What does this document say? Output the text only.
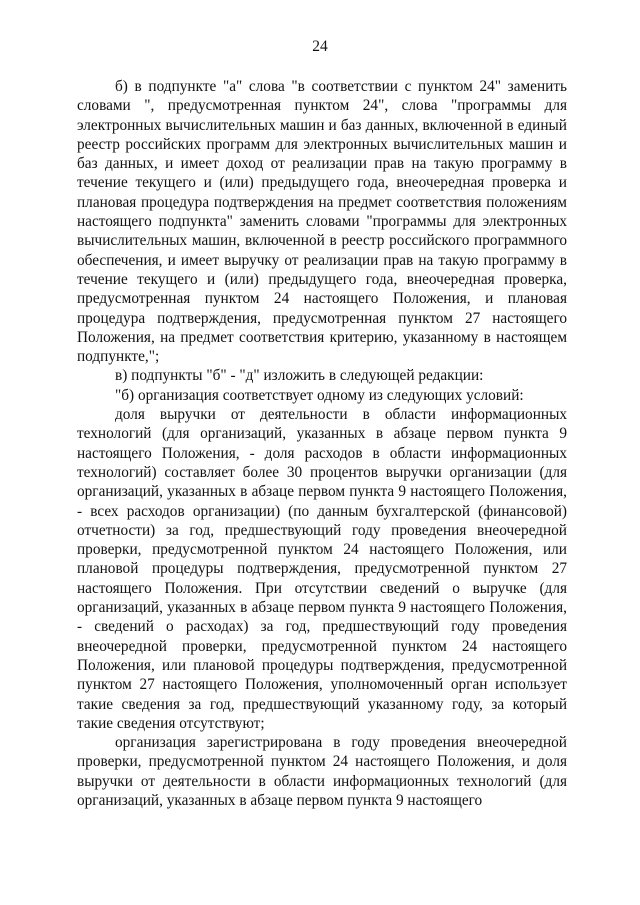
24

б) в подпункте "а" слова "в соответствии с пунктом 24" заменить словами ", предусмотренная пунктом 24", слова "программы для электронных вычислительных машин и баз данных, включенной в единый реестр российских программ для электронных вычислительных машин и баз данных, и имеет доход от реализации прав на такую программу в течение текущего и (или) предыдущего года, внеочередная проверка и плановая процедура подтверждения на предмет соответствия положениям настоящего подпункта" заменить словами "программы для электронных вычислительных машин, включенной в реестр российского программного обеспечения, и имеет выручку от реализации прав на такую программу в течение текущего и (или) предыдущего года, внеочередная проверка, предусмотренная пунктом 24 настоящего Положения, и плановая процедура подтверждения, предусмотренная пунктом 27 настоящего Положения, на предмет соответствия критерию, указанному в настоящем подпункте,";

в) подпункты "б" - "д" изложить в следующей редакции:

"б) организация соответствует одному из следующих условий:

доля выручки от деятельности в области информационных технологий (для организаций, указанных в абзаце первом пункта 9 настоящего Положения, - доля расходов в области информационных технологий) составляет более 30 процентов выручки организации (для организаций, указанных в абзаце первом пункта 9 настоящего Положения, - всех расходов организации) (по данным бухгалтерской (финансовой) отчетности) за год, предшествующий году проведения внеочередной проверки, предусмотренной пунктом 24 настоящего Положения, или плановой процедуры подтверждения, предусмотренной пунктом 27 настоящего Положения. При отсутствии сведений о выручке (для организаций, указанных в абзаце первом пункта 9 настоящего Положения, - сведений о расходах) за год, предшествующий году проведения внеочередной проверки, предусмотренной пунктом 24 настоящего Положения, или плановой процедуры подтверждения, предусмотренной пунктом 27 настоящего Положения, уполномоченный орган использует такие сведения за год, предшествующий указанному году, за который такие сведения отсутствуют;

организация зарегистрирована в году проведения внеочередной проверки, предусмотренной пунктом 24 настоящего Положения, и доля выручки от деятельности в области информационных технологий (для организаций, указанных в абзаце первом пункта 9 настоящего
